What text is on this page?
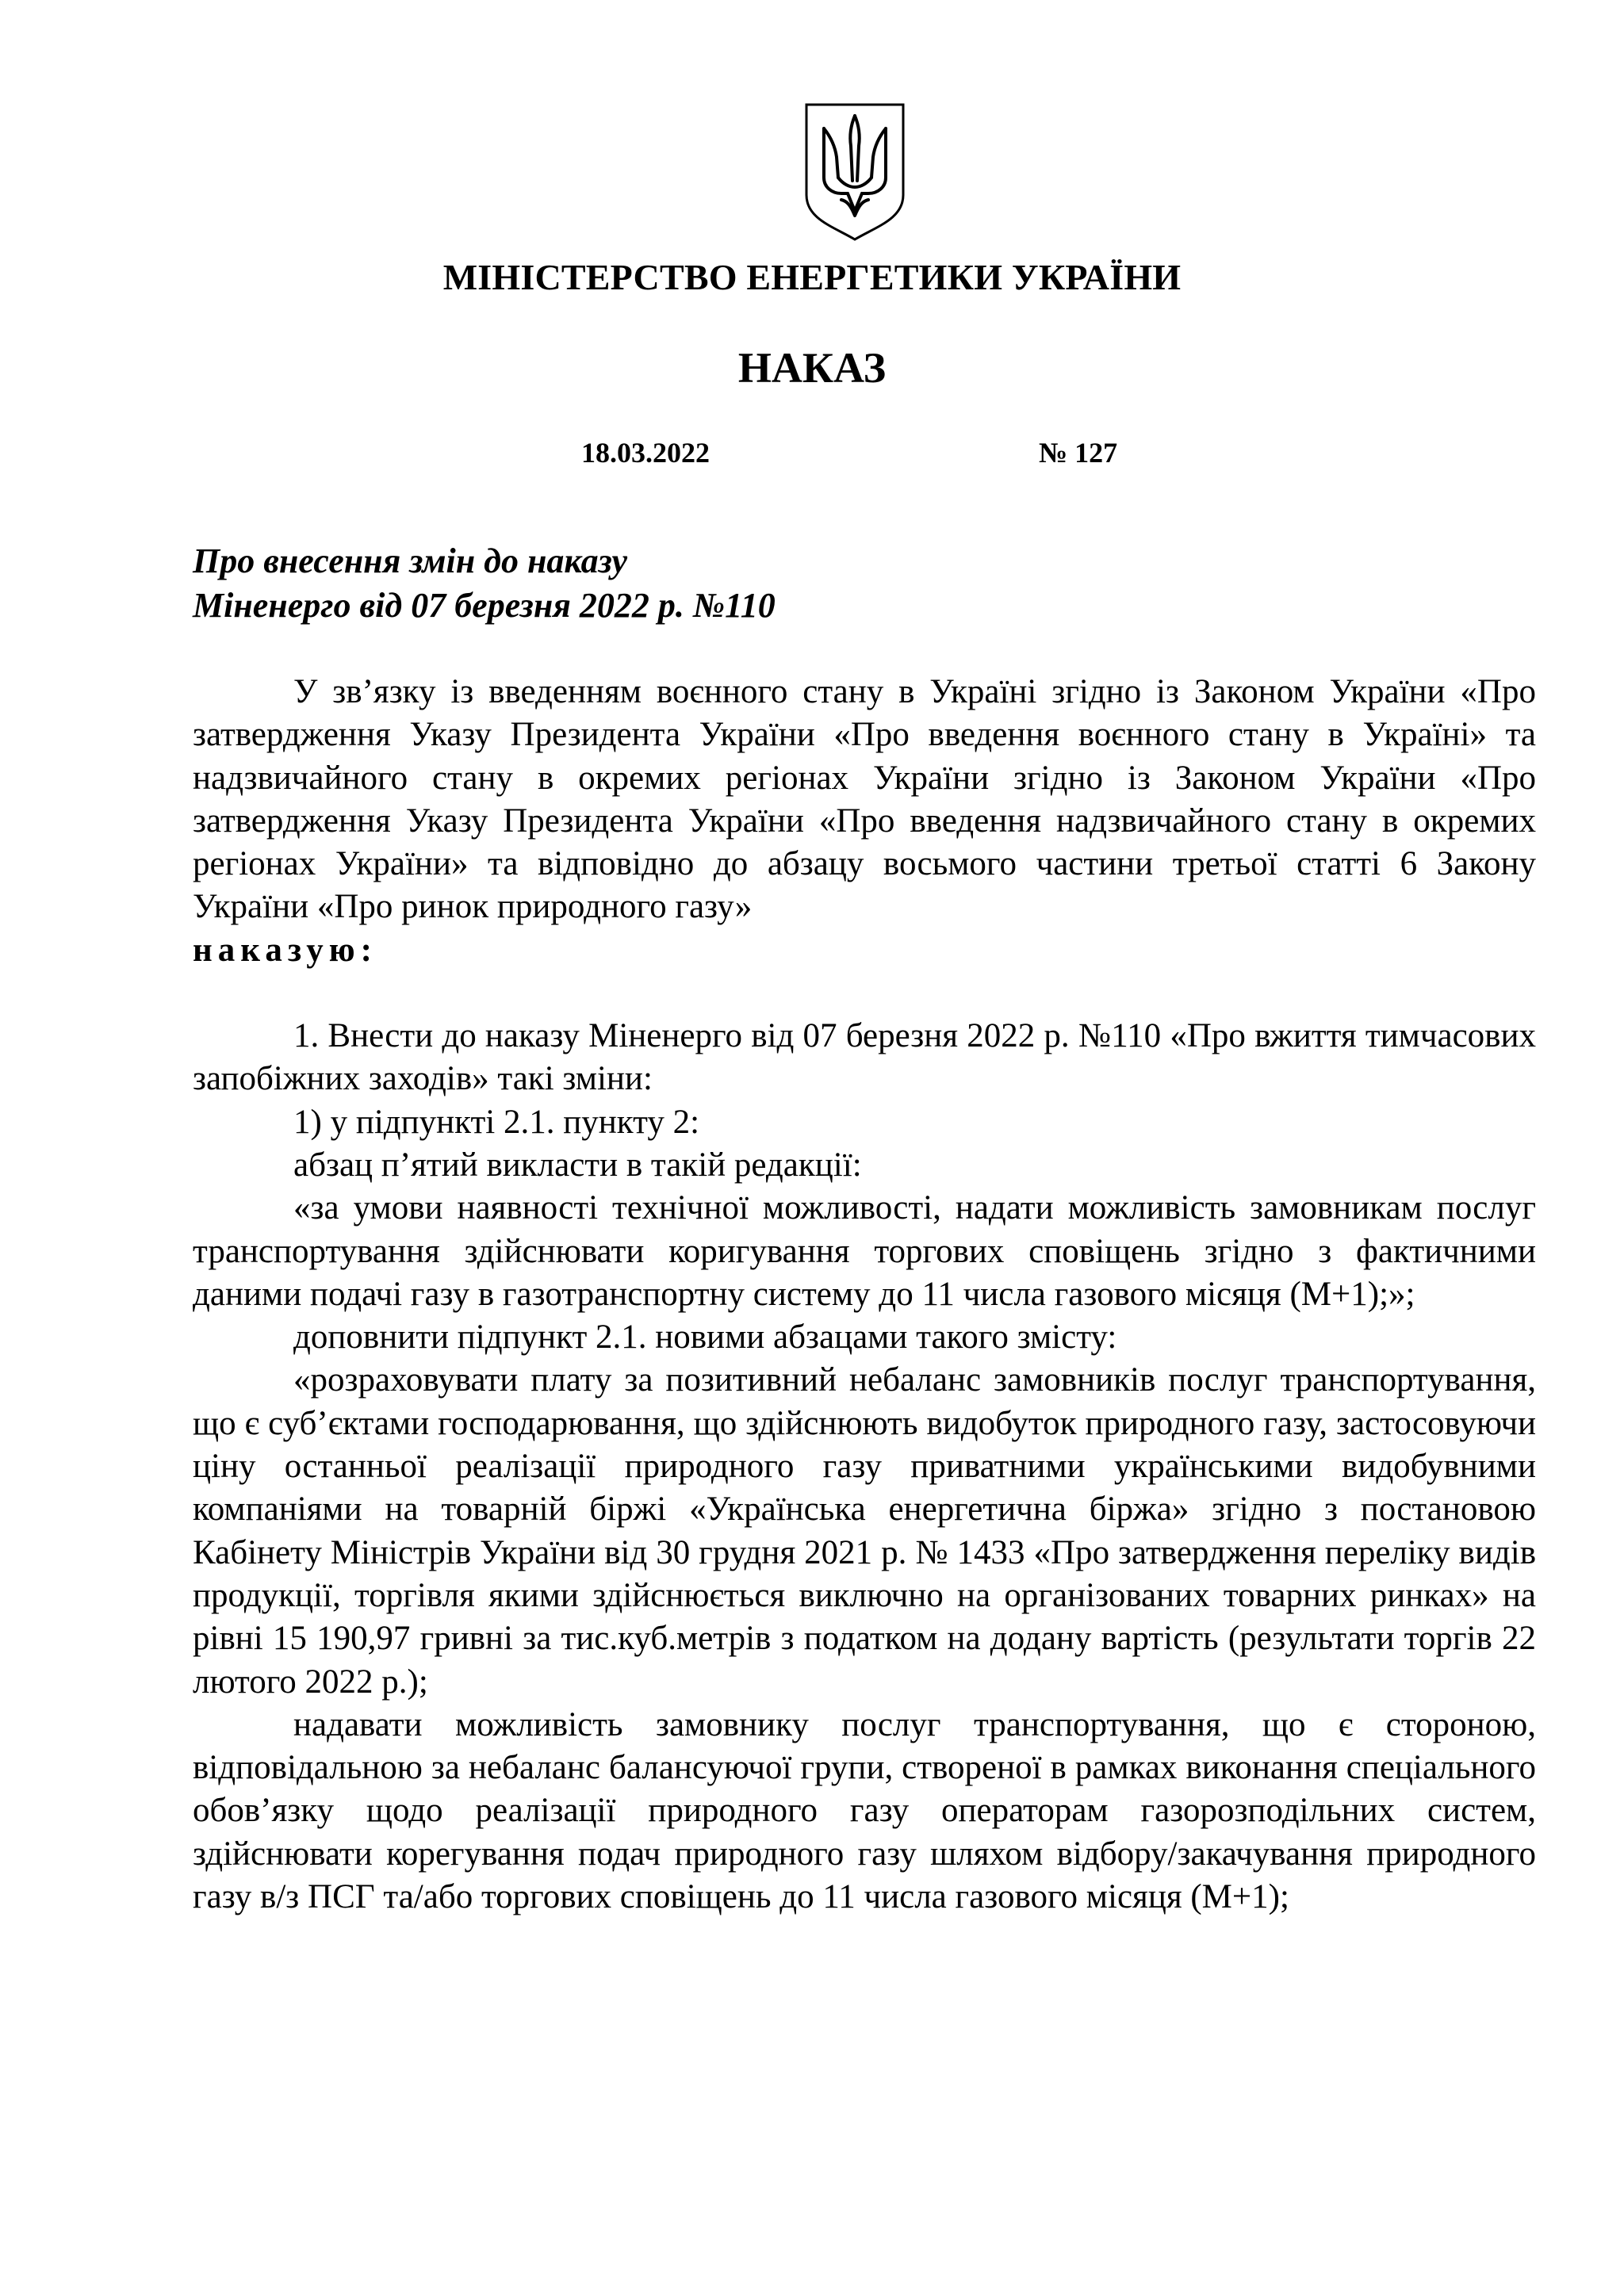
МІНІСТЕРСТВО ЕНЕРГЕТИКИ УКРАЇНИ
НАКАЗ
18.03.2022	№ 127
Про внесення змін до наказу
Міненерго від 07 березня 2022 р. №110

У зв’язку із введенням воєнного стану в Україні згідно із Законом України «Про затвердження Указу Президента України «Про введення воєнного стану в Україні» та надзвичайного стану в окремих регіонах України згідно із Законом України «Про затвердження Указу Президента України «Про введення надзвичайного стану в окремих регіонах України» та відповідно до абзацу восьмого частини третьої статті 6 Закону України «Про ринок природного газу»

наказую:

1. Внести до наказу Міненерго від 07 березня 2022 р. №110 «Про вжиття тимчасових запобіжних заходів» такі зміни:

1) у підпункті 2.1. пункту 2:

абзац п’ятий викласти в такій редакції:

«за умови наявності технічної можливості, надати можливість замовникам послуг транспортування здійснювати коригування торгових сповіщень згідно з фактичними даними подачі газу в газотранспортну систему до 11 числа газового місяця (М+1);»;

доповнити підпункт 2.1. новими абзацами такого змісту:

«розраховувати плату за позитивний небаланс замовників послуг транспортування, що є суб’єктами господарювання, що здійснюють видобуток природного газу, застосовуючи ціну останньої реалізації природного газу приватними українськими видобувними компаніями на товарній біржі «Українська енергетична біржа» згідно з постановою Кабінету Міністрів України від 30 грудня 2021 р. № 1433 «Про затвердження переліку видів продукції, торгівля якими здійснюється виключно на організованих товарних ринках» на рівні 15 190,97 гривні за тис.куб.метрів з податком на додану вартість (результати торгів 22 лютого 2022 р.);

надавати можливість замовнику послуг транспортування, що є стороною, відповідальною за небаланс балансуючої групи, створеної в рамках виконання спеціального обов’язку щодо реалізації природного газу операторам газорозподільних систем, здійснювати корегування подач природного газу шляхом відбору/закачування природного газу в/з ПСГ та/або торгових сповіщень до 11 числа газового місяця (М+1);
